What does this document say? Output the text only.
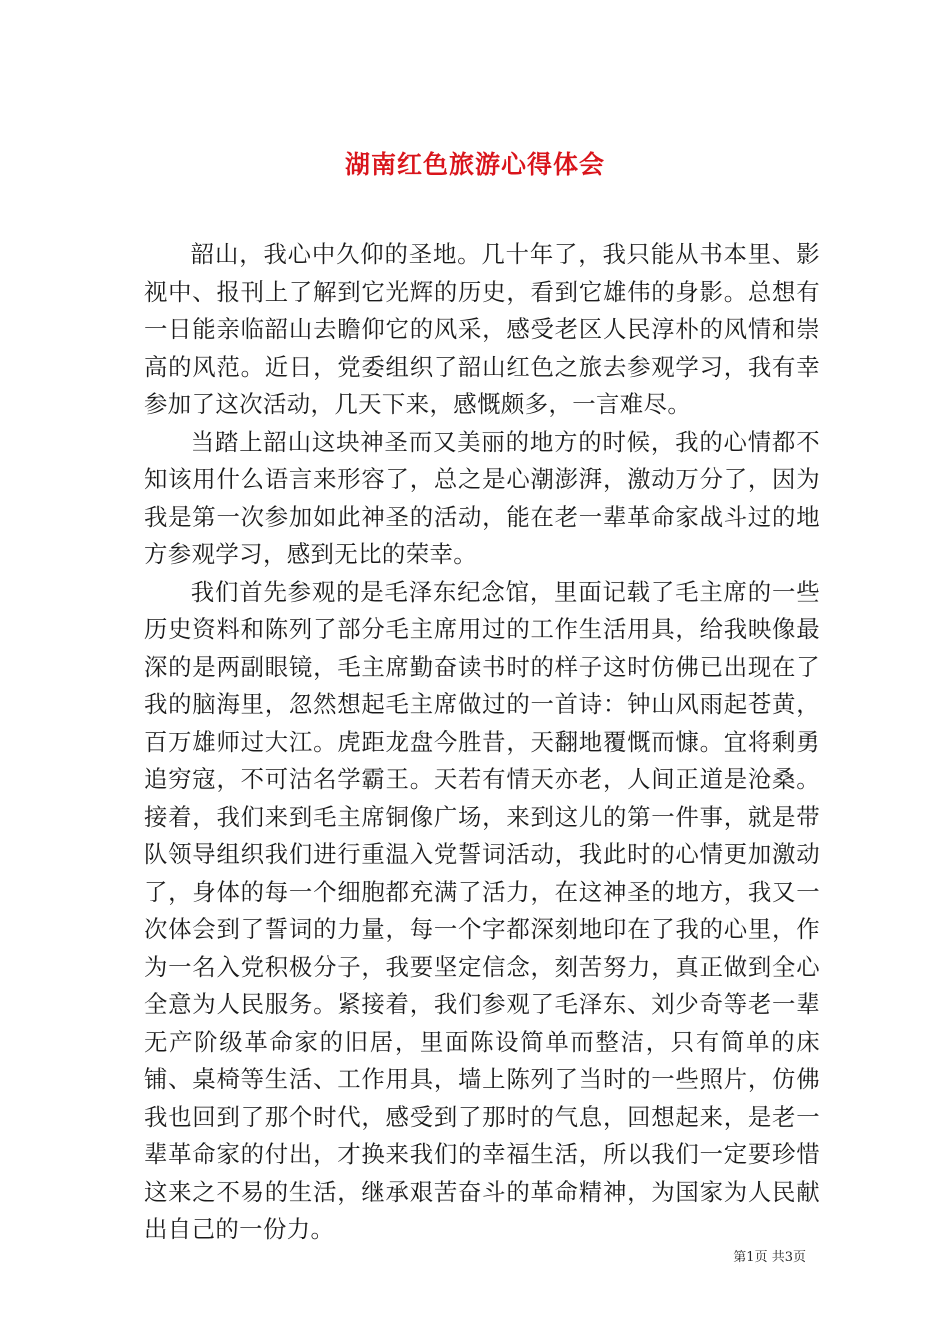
湖南红色旅游心得体会

韶山，我心中久仰的圣地。几十年了，我只能从书本里、影视中、报刊上了解到它光辉的历史，看到它雄伟的身影。总想有一日能亲临韶山去瞻仰它的风采，感受老区人民淳朴的风情和崇高的风范。近日，党委组织了韶山红色之旅去参观学习，我有幸参加了这次活动，几天下来，感慨颇多，一言难尽。

当踏上韶山这块神圣而又美丽的地方的时候，我的心情都不知该用什么语言来形容了，总之是心潮澎湃，激动万分了，因为我是第一次参加如此神圣的活动，能在老一辈革命家战斗过的地方参观学习，感到无比的荣幸。

我们首先参观的是毛泽东纪念馆，里面记载了毛主席的一些历史资料和陈列了部分毛主席用过的工作生活用具，给我映像最深的是两副眼镜，毛主席勤奋读书时的样子这时仿佛已出现在了我的脑海里，忽然想起毛主席做过的一首诗：钟山风雨起苍黄，百万雄师过大江。虎距龙盘今胜昔，天翻地覆慨而慷。宜将剩勇追穷寇，不可沽名学霸王。天若有情天亦老，人间正道是沧桑。接着，我们来到毛主席铜像广场，来到这儿的第一件事，就是带队领导组织我们进行重温入党誓词活动，我此时的心情更加激动了，身体的每一个细胞都充满了活力，在这神圣的地方，我又一次体会到了誓词的力量，每一个字都深刻地印在了我的心里，作为一名入党积极分子，我要坚定信念，刻苦努力，真正做到全心全意为人民服务。紧接着，我们参观了毛泽东、刘少奇等老一辈无产阶级革命家的旧居，里面陈设简单而整洁，只有简单的床铺、桌椅等生活、工作用具，墙上陈列了当时的一些照片，仿佛我也回到了那个时代，感受到了那时的气息，回想起来，是老一辈革命家的付出，才换来我们的幸福生活，所以我们一定要珍惜这来之不易的生活，继承艰苦奋斗的革命精神，为国家为人民献出自己的一份力。

第1页 共3页
